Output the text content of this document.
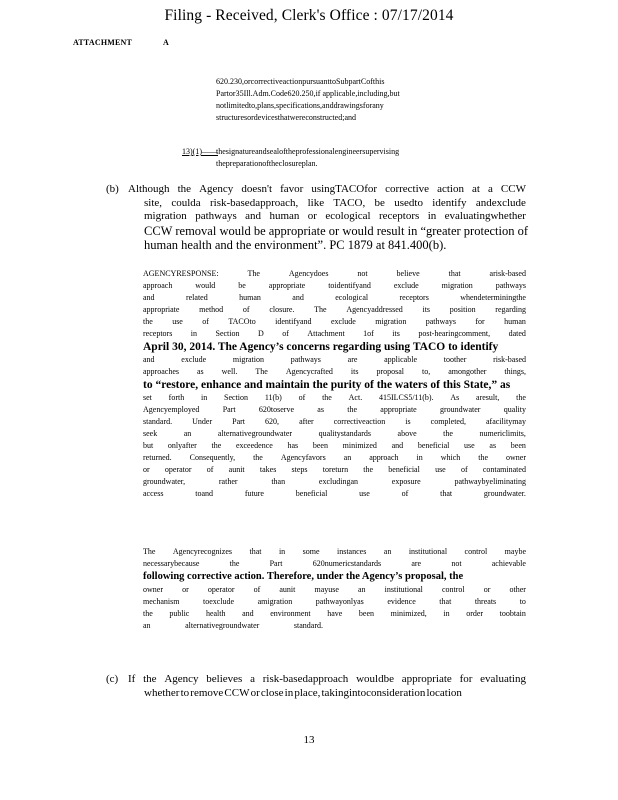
Filing - Received, Clerk's Office : 07/17/2014
ATTACHMENT	A
620.230,orcorrectiveactionpursuanttoSubpartCofthis
Partor35Ill.Adm.Code620.250,if applicable,including,but
notlimitedto,plans,specifications,anddrawingsforany
structuresordevicesthatwereconstructed;and
13)(1)——
thesignatureandsealoftheprofessionalengineersupervising
thepreparationoftheclosureplan.
(b) Although the Agency doesn't favor usingTACOfor corrective action at a CCW
site, coulda risk-basedapproach, like TACO, be usedto identify andexclude
migration pathways and human or ecological receptors in evaluatingwhether
CCW removal would be appropriate or would result in “greater protection of
human health and the environment”. PC 1879 at 841.400(b).
AGENCYRESPONSE:	The	Agencydoes	not	believe	that	arisk-based
approach	would	be	appropriate	toidentifyand	exclude	migration	pathways
and	related	human	and	ecological	receptors	whendeterminingthe
appropriate method of closure. The Agencyaddressed its position regarding
the use of TACOto identifyand exclude migration pathways for human
receptors in Section D of Attachment 1of its post-hearingcomment, dated
April 30, 2014. The Agency’s concerns regarding using TACO to identify
and	exclude	migration	pathways	are	applicable	toother	risk-based
approaches as well. The Agencycrafted its proposal to, amongother things,
to “restore, enhance and maintain the purity of the waters of this State,” as
set forth in Section 11(b) of the Act. 415ILCS5/11(b). As aresult, the
Agencyemployed	Part	620toserve	as	the	appropriate	groundwater	quality
standard.	Under	Part	620,	after	correctiveaction	is	completed,	afacilitymay
seek	an	alternativegroundwater	qualitystandards	above	the	numericlimits,
but onlyafter the exceedence has been minimized and beneficial use as been
returned. Consequently, the Agencyfavors an approach in which the owner
or operator of aunit takes steps toreturn the beneficial use of contaminated
groundwater,	rather	than	excludingan	exposure	pathwaybyeliminating
access	toand	future	beneficial	use	of	that	groundwater.
The Agencyrecognizes that in some instances an institutional control maybe
necessarybecause	the	Part	620numericstandards	are	not	achievable
following corrective action. Therefore, under the Agency’s proposal, the
owner or operator of aunit mayuse an institutional control or other
mechanism	toexclude	amigration	pathwayonlyas	evidence	that	threats	to
the public health and environment have been minimized, in order toobtain
an	alternativegroundwater	standard.
(c) If the Agency believes a risk-basedapproach wouldbe appropriate for evaluating
whether to remove CCW or close in place, takingintoconsideration location
13
